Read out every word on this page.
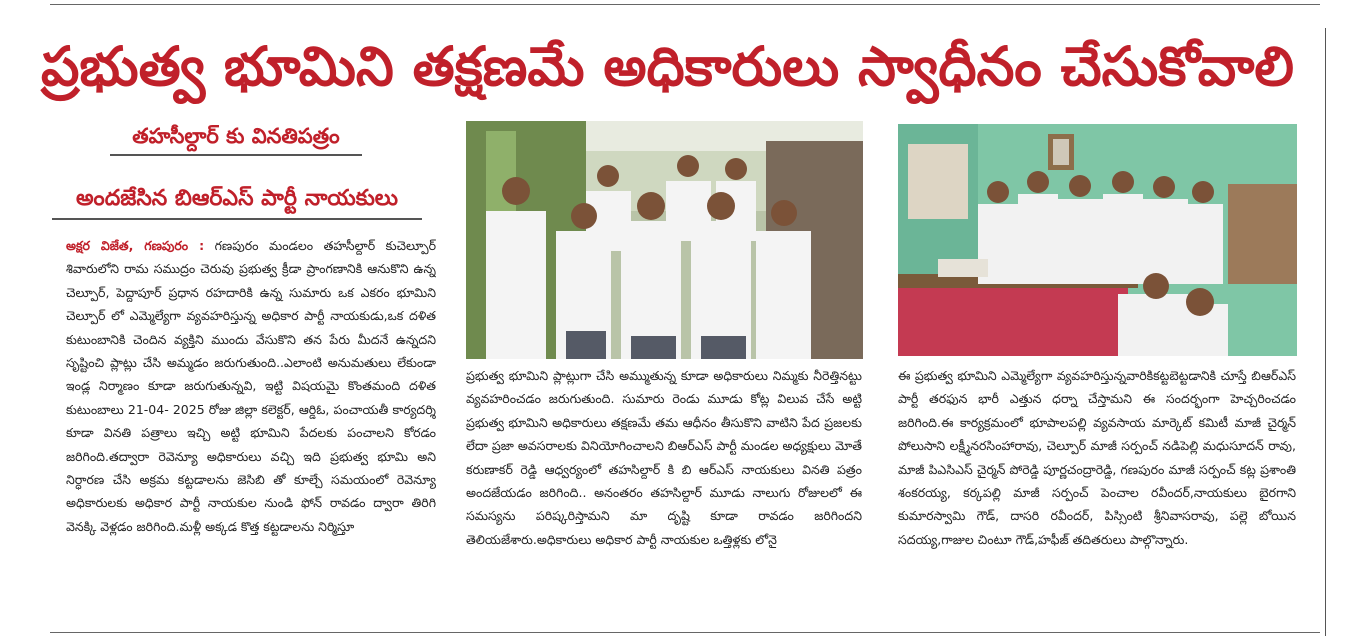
ప్రభుత్వ భూమిని తక్షణమే అధికారులు స్వాధీనం చేసుకోవాలి
తహసీల్దార్ కు వినతిపత్రం
అందజేసిన బిఆర్ఎస్ పార్టీ నాయకులు
అక్షర విజేత, గణపురం : గణపురం మండలం తహసీల్దార్ కుచెల్పూర్ శివారులోని రామ సముద్రం చెరువు ప్రభుత్వ క్రీడా ప్రాంగణానికి ఆనుకొని ఉన్న చెల్పూర్, పెద్దాపూర్ ప్రధాన రహదారికి ఉన్న సుమారు ఒక ఎకరం భూమిని చెల్పూర్ లో ఎమ్మెల్యేగా వ్యవహరిస్తున్న అధికార పార్టీ నాయకుడు,ఒక దళిత కుటుంబానికి చెందిన వ్యక్తిని ముందు వేసుకొని తన పేరు మీదనే ఉన్నదని సృష్టించి ప్లాట్లు చేసి అమ్మడం జరుగుతుంది..ఎలాంటి అనుమతులు లేకుండా ఇండ్ల నిర్మాణం కూడా జరుగుతున్నవి, ఇట్టి విషయమై కొంతమంది దళిత కుటుంబాలు 21-04- 2025 రోజు జిల్లా కలెక్టర్, ఆర్డిఓ, పంచాయతీ కార్యదర్శి కూడా వినతి పత్రాలు ఇచ్చి అట్టి భూమిని పేదలకు పంచాలని కోరడం జరిగింది.తద్వారా రెవెన్యూ అధికారులు వచ్చి ఇది ప్రభుత్వ భూమి అని నిర్ధారణ చేసి అక్రమ కట్టడాలను జెసిబి తో కూల్చే సమయంలో రెవెన్యూ అధికారులకు అధికార పార్టీ నాయకుల నుండి ఫోన్ రావడం ద్వారా తిరిగి వెనక్కి వెళ్లడం జరిగింది.మళ్లీ అక్కడ కొత్త కట్టడాలను నిర్మిస్తూ
ప్రభుత్వ భూమిని ప్లాట్లుగా చేసి అమ్ముతున్న కూడా అధికారులు నిమ్మకు నీరెత్తినట్టు వ్యవహరించడం జరుగుతుంది. సుమారు రెండు మూడు కోట్ల విలువ చేసే అట్టి ప్రభుత్వ భూమిని అధికారులు తక్షణమే తమ ఆధీనం తీసుకొని వాటిని పేద ప్రజలకు లేదా ప్రజా అవసరాలకు వినియోగించాలని బిఆర్ఎస్ పార్టీ మండల అధ్యక్షులు మోతే కరుణాకర్ రెడ్డి ఆధ్వర్యంలో తహసిల్దార్ కి బి ఆర్ఎస్ నాయకులు వినతి పత్రం అందజేయడం జరిగింది.. అనంతరం తహసిల్దార్ మూడు నాలుగు రోజులలో ఈ సమస్యను పరిష్కరిస్తామని మా దృష్టి కూడా రావడం జరిగిందని తెలియజేశారు.అధికారులు అధికార పార్టీ నాయకుల ఒత్తిళ్లకు లోనై
ఈ ప్రభుత్వ భూమిని ఎమ్మెల్యేగా వ్యవహరిస్తున్నవారికికట్టబెట్టడానికి చూస్తే బిఆర్ఎస్ పార్టీ తరఫున భారీ ఎత్తున ధర్నా చేస్తామని ఈ సందర్భంగా హెచ్చరించడం జరిగింది.ఈ కార్యక్రమంలో భూపాలపల్లి వ్యవసాయ మార్కెట్ కమిటీ మాజీ చైర్మన్ పోలుసాని లక్ష్మీనరసింహారావు, చెల్పూర్ మాజీ సర్పంచ్ నడిపెల్లి మధుసూదన్ రావు, మాజీ పిఎసిఎస్ చైర్మన్ పోరెడ్డి పూర్ణచంద్రారెడ్డి, గణపురం మాజీ సర్పంచ్ కట్ల ప్రశాంతి శంకరయ్య, కర్కపల్లి మాజీ సర్పంచ్ పెంచాల రవీందర్,నాయకులు బైరగాని కుమారస్వామి గౌడ్, దాసరి రవీందర్, పిస్సింటి శ్రీనివాసరావు, పల్లె బోయిన సదయ్య,గాజుల చింటూ గౌడ్,హఫీజ్ తదితరులు పాల్గొన్నారు.
